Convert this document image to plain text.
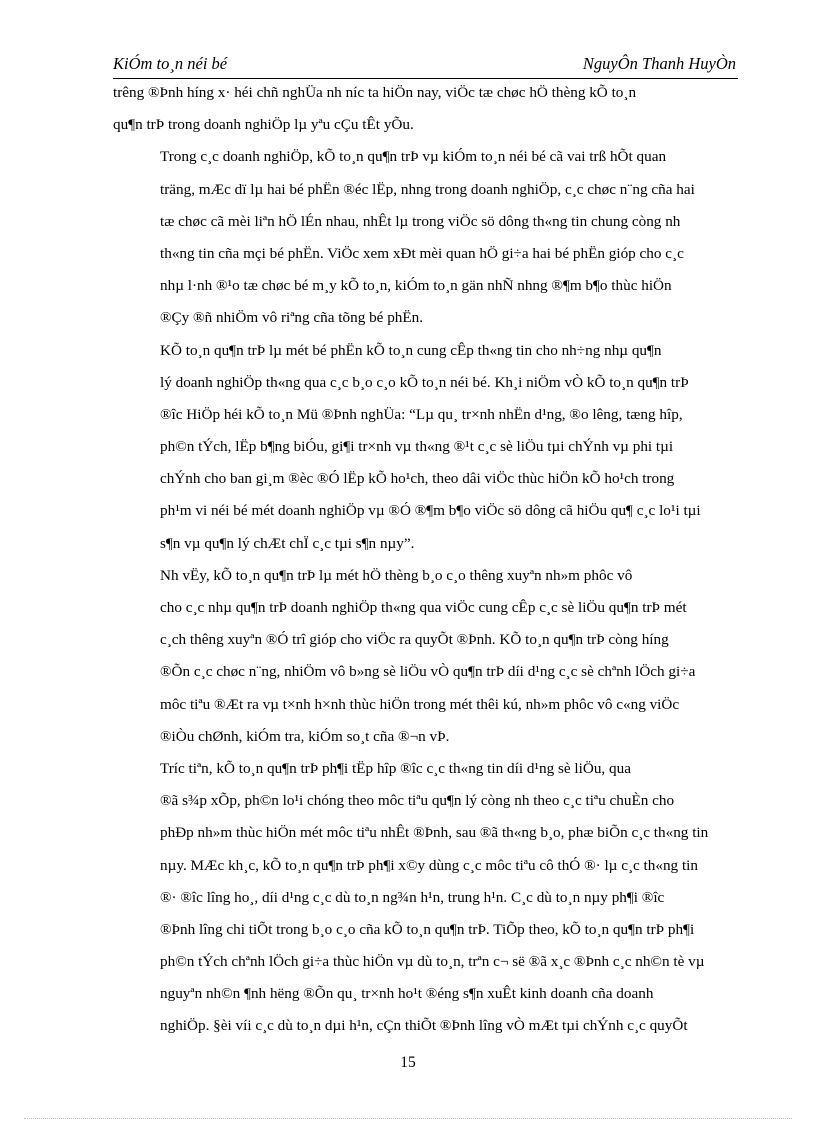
KiÓm to¸n néi bé	NguyÔn Thanh HuyÒn
trêng ®Þnh híng x· héi chñ nghÜa nh níc ta hiÖn nay, viÖc tæ chøc hÖ thèng kÕ to¸n
qu¶n trÞ trong doanh nghiÖp lµ yªu cÇu tÊt yÕu.
Trong c¸c doanh nghiÖp, kÕ to¸n qu¶n trÞ vµ kiÓm to¸n néi bé cã vai trß hÕt quan
träng, mÆc dï lµ hai bé phËn ®éc lËp, nhng trong doanh nghiÖp, c¸c chøc n¨ng cña hai
tæ chøc cã mèi liªn hÖ lÉn nhau, nhÊt lµ trong viÖc sö dông th«ng tin chung còng nh
th«ng tin cña mçi bé phËn. ViÖc xem xÐt mèi quan hÖ gi÷a hai bé phËn gióp cho c¸c
nhµ l·nh ®¹o tæ chøc bé m¸y kÕ to¸n, kiÓm to¸n gän nhÑ nhng ®¶m b¶o thùc hiÖn
®Çy ®ñ nhiÖm vô riªng cña tõng bé phËn.
KÕ to¸n qu¶n trÞ lµ mét bé phËn kÕ to¸n cung cÊp th«ng tin cho nh÷ng nhµ qu¶n
lý doanh nghiÖp th«ng qua c¸c b¸o c¸o kÕ to¸n néi bé. Kh¸i niÖm vÒ kÕ to¸n qu¶n trÞ
®îc HiÖp héi kÕ to¸n Mü ®Þnh nghÜa: “Lµ qu¸ tr×nh nhËn d¹ng, ®o lêng, tæng hîp,
ph©n tÝch, lËp b¶ng biÓu, gi¶i tr×nh vµ th«ng ®¹t c¸c sè liÖu tµi chÝnh vµ phi tµi
chÝnh cho ban gi¸m ®èc ®Ó lËp kÕ ho¹ch, theo dâi viÖc thùc hiÖn kÕ ho¹ch trong
ph¹m vi néi bé mét doanh nghiÖp vµ ®Ó ®¶m b¶o viÖc sö dông cã hiÖu qu¶ c¸c lo¹i tµi
s¶n vµ qu¶n lý chÆt chÏ c¸c tµi s¶n nµy”.
Nh vËy, kÕ to¸n qu¶n trÞ lµ mét hÖ thèng b¸o c¸o thêng xuyªn nh»m phôc vô
cho c¸c nhµ qu¶n trÞ doanh nghiÖp th«ng qua viÖc cung cÊp c¸c sè liÖu qu¶n trÞ mét
c¸ch thêng xuyªn ®Ó trî gióp cho viÖc ra quyÕt ®Þnh. KÕ to¸n qu¶n trÞ còng híng
®Õn c¸c chøc n¨ng, nhiÖm vô b»ng sè liÖu vÒ qu¶n trÞ díi d¹ng c¸c sè chªnh lÖch gi÷a
môc tiªu ®Æt ra vµ t×nh h×nh thùc hiÖn trong mét thêi kú, nh»m phôc vô c«ng viÖc
®iÒu chØnh, kiÓm tra, kiÓm so¸t cña ®¬n vÞ.
Tríc tiªn, kÕ to¸n qu¶n trÞ ph¶i tËp hîp ®îc c¸c th«ng tin díi d¹ng sè liÖu, qua
®ã s¾p xÕp, ph©n lo¹i chóng theo môc tiªu qu¶n lý còng nh theo c¸c tiªu chuÈn cho
phÐp nh»m thùc hiÖn mét môc tiªu nhÊt ®Þnh, sau ®ã th«ng b¸o, phæ biÕn c¸c th«ng tin
nµy. MÆc kh¸c, kÕ to¸n qu¶n trÞ ph¶i x©y dùng c¸c môc tiªu cô thÓ ®· lµ c¸c th«ng tin
®· ®îc lîng ho¸, díi d¹ng c¸c dù to¸n ng¾n h¹n, trung h¹n. C¸c dù to¸n nµy ph¶i ®îc
®Þnh lîng chi tiÕt trong b¸o c¸o cña kÕ to¸n qu¶n trÞ. TiÕp theo, kÕ to¸n qu¶n trÞ ph¶i
ph©n tÝch chªnh lÖch gi÷a thùc hiÖn vµ dù to¸n, trªn c¬ së ®ã x¸c ®Þnh c¸c nh©n tè vµ
nguyªn nh©n ¶nh hëng ®Õn qu¸ tr×nh ho¹t ®éng s¶n xuÊt kinh doanh cña doanh
nghiÖp. §èi víi c¸c dù to¸n dµi h¹n, cÇn thiÕt ®Þnh lîng vÒ mÆt tµi chÝnh c¸c quyÕt
15
